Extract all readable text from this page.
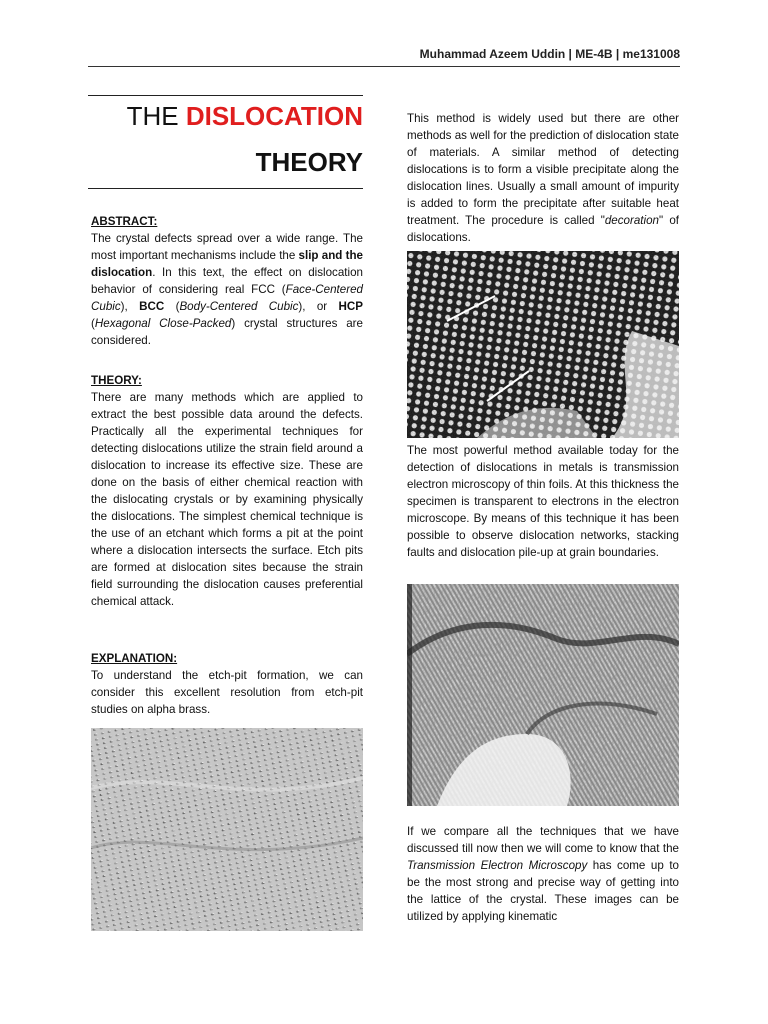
Muhammad Azeem Uddin | ME-4B | me131008
THE DISLOCATION
THEORY
ABSTRACT:

The crystal defects spread over a wide range. The most important mechanisms include the slip and the dislocation. In this text, the effect on dislocation behavior of considering real FCC (Face-Centered Cubic), BCC (Body-Centered Cubic), or HCP (Hexagonal Close-Packed) crystal structures are considered.

THEORY:

There are many methods which are applied to extract the best possible data around the defects. Practically all the experimental techniques for detecting dislocations utilize the strain field around a dislocation to increase its effective size. These are done on the basis of either chemical reaction with the dislocating crystals or by examining physically the dislocations. The simplest chemical technique is the use of an etchant which forms a pit at the point where a dislocation intersects the surface. Etch pits are formed at dislocation sites because the strain field surrounding the dislocation causes preferential chemical attack.

EXPLANATION:

To understand the etch-pit formation, we can consider this excellent resolution from etch-pit studies on alpha brass.

This method is widely used but there are other methods as well for the prediction of dislocation state of materials. A similar method of detecting dislocations is to form a visible precipitate along the dislocation lines. Usually a small amount of impurity is added to form the precipitate after suitable heat treatment. The procedure is called "decoration" of dislocations.

The most powerful method available today for the detection of dislocations in metals is transmission electron microscopy of thin foils. At this thickness the specimen is transparent to electrons in the electron microscope. By means of this technique it has been possible to observe dislocation networks, stacking faults and dislocation pile-up at grain boundaries.

If we compare all the techniques that we have discussed till now then we will come to know that the Transmission Electron Microscopy has come up to be the most strong and precise way of getting into the lattice of the crystal. These images can be utilized by applying kinematic
